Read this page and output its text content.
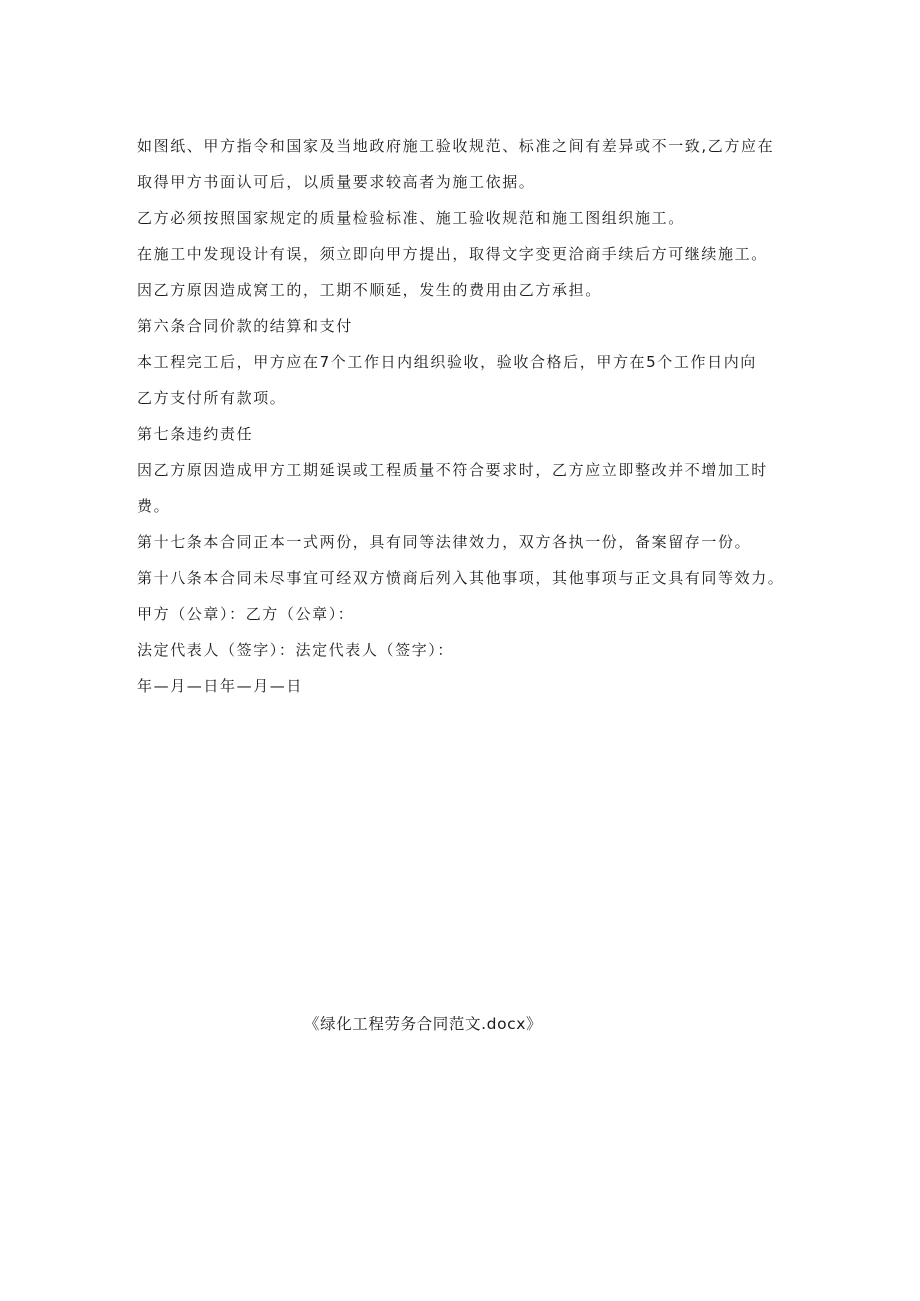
如图纸、甲方指令和国家及当地政府施工验收规范、标准之间有差异或不一致,乙方应在

取得甲方书面认可后，以质量要求较高者为施工依据。

乙方必须按照国家规定的质量检验标准、施工验收规范和施工图组织施工。

在施工中发现设计有误，须立即向甲方提出，取得文字变更洽商手续后方可继续施工。

因乙方原因造成窝工的，工期不顺延，发生的费用由乙方承担。

第六条合同价款的结算和支付

本工程完工后，甲方应在7个工作日内组织验收，验收合格后，甲方在5个工作日内向

乙方支付所有款项。

第七条违约责任

因乙方原因造成甲方工期延误或工程质量不符合要求时，乙方应立即整改并不增加工时

费。

第十七条本合同正本一式两份，具有同等法律效力，双方各执一份，备案留存一份。

第十八条本合同未尽事宜可经双方愤商后列入其他事项，其他事项与正文具有同等效力。

甲方（公章）：乙方（公章）：

法定代表人（签字）：法定代表人（签字）：

年—月—日年—月—日

《绿化工程劳务合同范文.docx》
